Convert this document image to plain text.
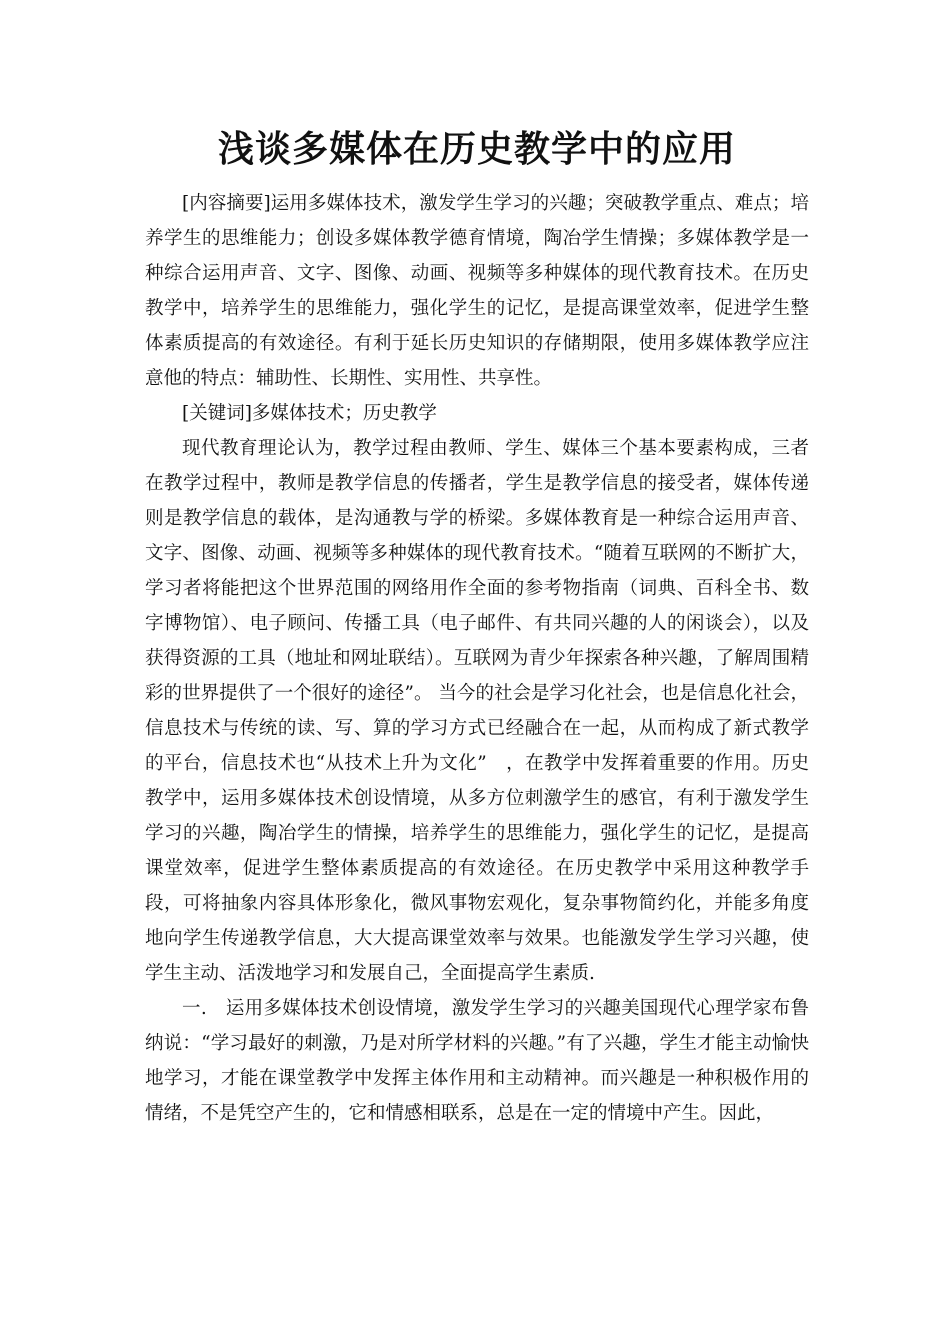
浅谈多媒体在历史教学中的应用

[内容摘要]运用多媒体技术，激发学生学习的兴趣；突破教学重点、难点；培养学生的思维能力；创设多媒体教学德育情境，陶冶学生情操；多媒体教学是一种综合运用声音、文字、图像、动画、视频等多种媒体的现代教育技术。在历史教学中，培养学生的思维能力，强化学生的记忆，是提高课堂效率，促进学生整体素质提高的有效途径。有利于延长历史知识的存储期限，使用多媒体教学应注意他的特点：辅助性、长期性、实用性、共享性。

[关键词]多媒体技术；历史教学

现代教育理论认为，教学过程由教师、学生、媒体三个基本要素构成，三者在教学过程中，教师是教学信息的传播者，学生是教学信息的接受者，媒体传递则是教学信息的载体，是沟通教与学的桥梁。多媒体教育是一种综合运用声音、文字、图像、动画、视频等多种媒体的现代教育技术。“随着互联网的不断扩大，学习者将能把这个世界范围的网络用作全面的参考物指南（词典、百科全书、数字博物馆）、电子顾问、传播工具（电子邮件、有共同兴趣的人的闲谈会），以及获得资源的工具（地址和网址联结）。互联网为青少年探索各种兴趣，了解周围精彩的世界提供了一个很好的途径”。 当今的社会是学习化社会，也是信息化社会，信息技术与传统的读、写、算的学习方式已经融合在一起，从而构成了新式教学的平台，信息技术也“从技术上升为文化”　，在教学中发挥着重要的作用。历史教学中，运用多媒体技术创设情境，从多方位刺激学生的感官，有利于激发学生学习的兴趣，陶冶学生的情操，培养学生的思维能力，强化学生的记忆，是提高课堂效率，促进学生整体素质提高的有效途径。在历史教学中采用这种教学手段，可将抽象内容具体形象化，微风事物宏观化，复杂事物简约化，并能多角度地向学生传递教学信息，大大提高课堂效率与效果。也能激发学生学习兴趣，使学生主动、活泼地学习和发展自己，全面提高学生素质.

一.　运用多媒体技术创设情境，激发学生学习的兴趣美国现代心理学家布鲁纳说：“学习最好的刺激，乃是对所学材料的兴趣。”有了兴趣，学生才能主动愉快地学习，才能在课堂教学中发挥主体作用和主动精神。而兴趣是一种积极作用的情绪，不是凭空产生的，它和情感相联系，总是在一定的情境中产生。因此，
